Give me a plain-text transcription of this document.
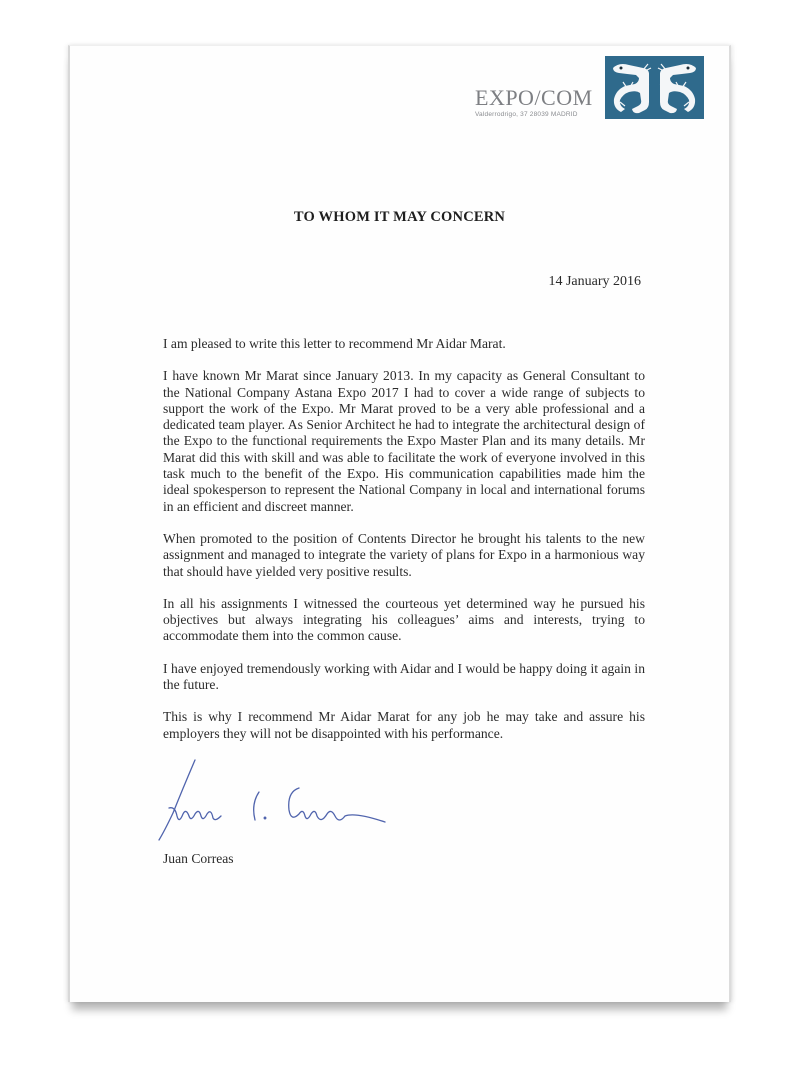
EXPO/COM
Valderrodrigo, 37 28039 MADRID
TO WHOM IT MAY CONCERN
14 January 2016

I am pleased to write this letter to recommend Mr Aidar Marat.

I have known Mr Marat since January 2013. In my capacity as General Consultant to the National Company Astana Expo 2017 I had to cover a wide range of subjects to support the work of the Expo. Mr Marat proved to be a very able professional and a dedicated team player. As Senior Architect he had to integrate the architectural design of the Expo to the functional requirements the Expo Master Plan and its many details. Mr Marat did this with skill and was able to facilitate the work of everyone involved in this task much to the benefit of the Expo. His communication capabilities made him the ideal spokesperson to represent the National Company in local and international forums in an efficient and discreet manner.

When promoted to the position of Contents Director he brought his talents to the new assignment and managed to integrate the variety of plans for Expo in a harmonious way that should have yielded very positive results.

In all his assignments I witnessed the courteous yet determined way he pursued his objectives but always integrating his colleagues’ aims and interests, trying to accommodate them into the common cause.

I have enjoyed tremendously working with Aidar and I would be happy doing it again in the future.

This is why I recommend Mr Aidar Marat for any job he may take and assure his employers they will not be disappointed with his performance.

Juan Correas
